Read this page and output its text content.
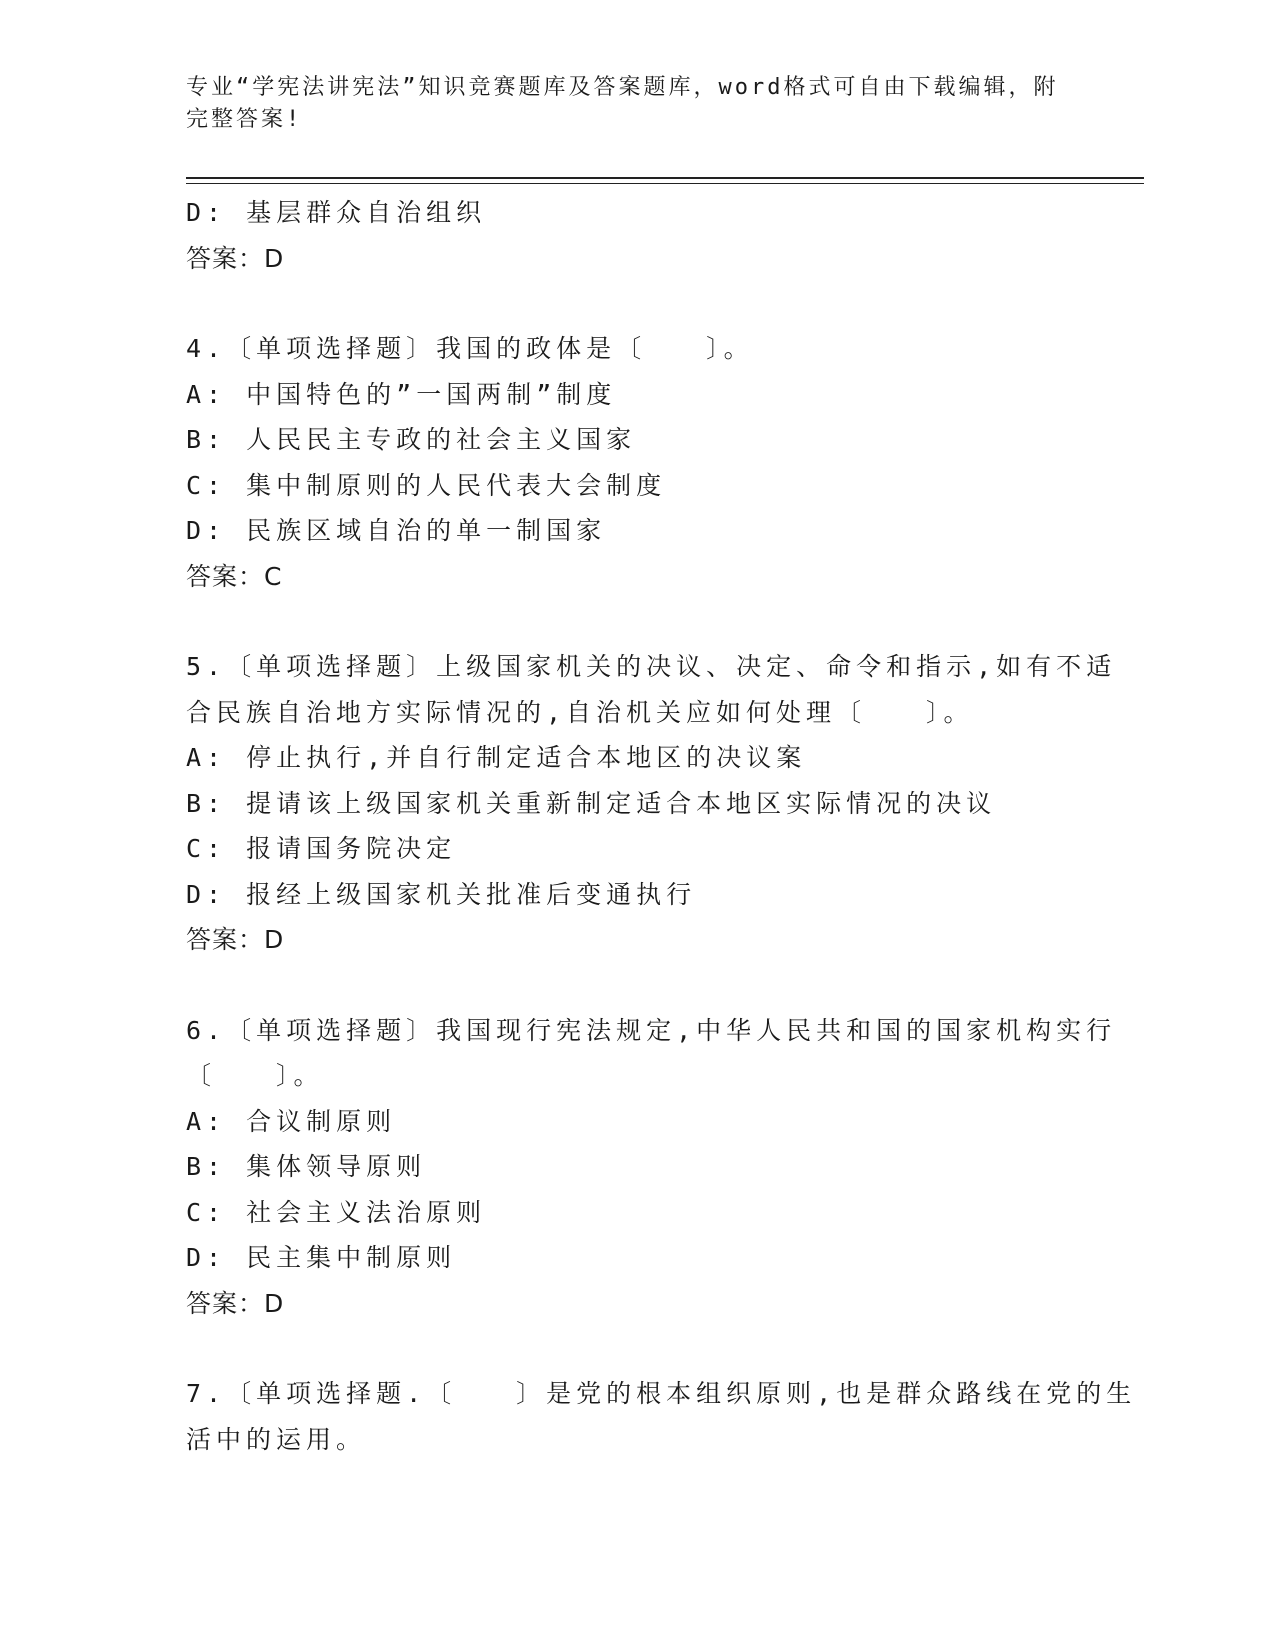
专业“学宪法讲宪法”知识竞赛题库及答案题库，word格式可自由下载编辑，附
完整答案!
D: 基层群众自治组织
答案：D
4.〔单项选择题〕我国的政体是〔　　〕。
A: 中国特色的”一国两制”制度
B: 人民民主专政的社会主义国家
C: 集中制原则的人民代表大会制度
D: 民族区域自治的单一制国家
答案：C
5.〔单项选择题〕上级国家机关的决议、决定、命令和指示,如有不适
合民族自治地方实际情况的,自治机关应如何处理〔　　〕。
A: 停止执行,并自行制定适合本地区的决议案
B: 提请该上级国家机关重新制定适合本地区实际情况的决议
C: 报请国务院决定
D: 报经上级国家机关批准后变通执行
答案：D
6.〔单项选择题〕我国现行宪法规定,中华人民共和国的国家机构实行
〔　　〕。
A: 合议制原则
B: 集体领导原则
C: 社会主义法治原则
D: 民主集中制原则
答案：D
7.〔单项选择题.〔　　〕是党的根本组织原则,也是群众路线在党的生
活中的运用。
